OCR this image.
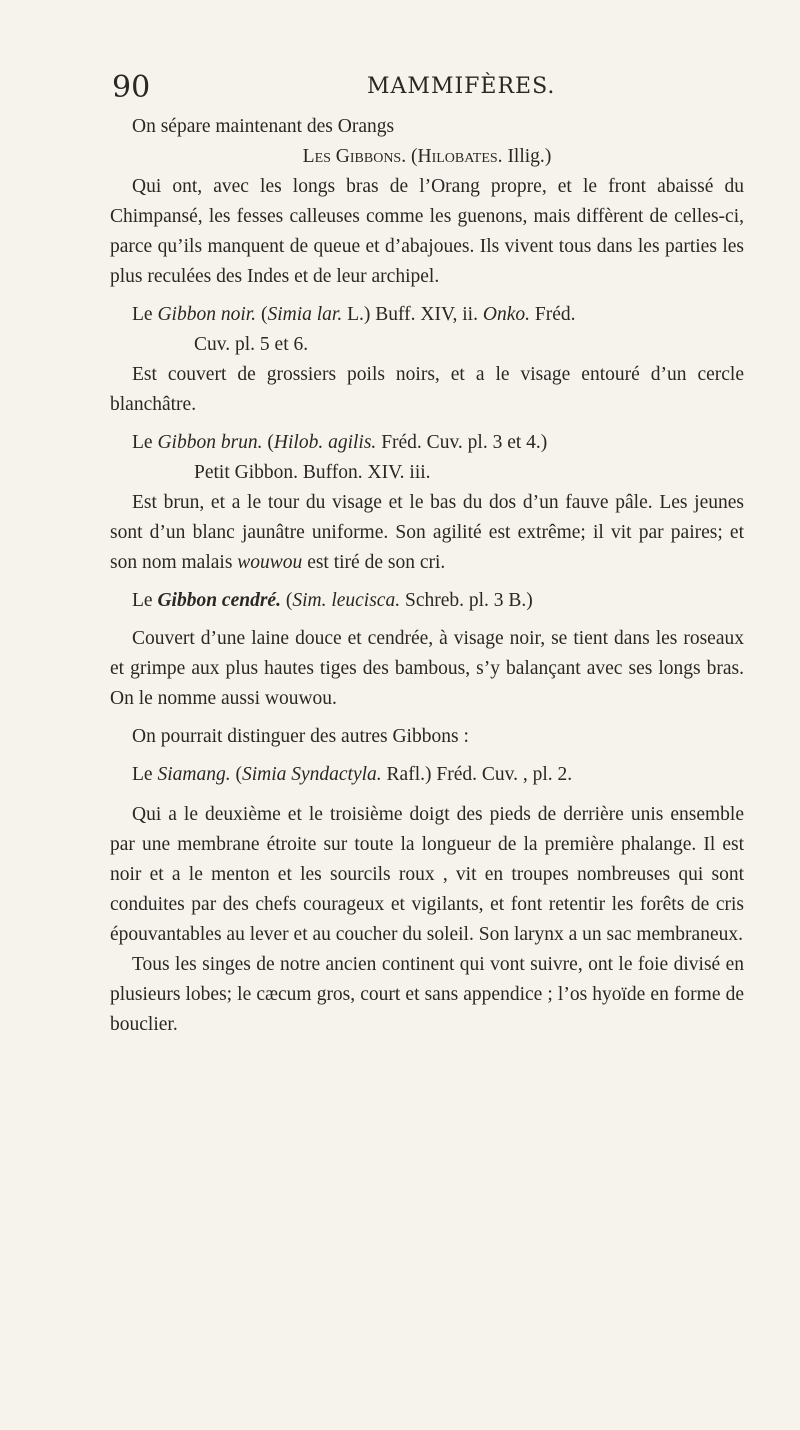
90	MAMMIFÈRES.

On sépare maintenant des Orangs

Les Gibbons. (Hilobates. Illig.)

Qui ont, avec les longs bras de l’Orang propre, et le front abaissé du Chimpansé, les fesses calleuses comme les guenons, mais diffèrent de celles-ci, parce qu’ils manquent de queue et d’abajoues. Ils vivent tous dans les parties les plus reculées des Indes et de leur archipel.

Le Gibbon noir. (Simia lar. L.) Buff. XIV, ii. Onko. Fréd.

Cuv. pl. 5 et 6.

Est couvert de grossiers poils noirs, et a le visage entouré d’un cercle blanchâtre.

Le Gibbon brun. (Hilob. agilis. Fréd. Cuv. pl. 3 et 4.)

Petit Gibbon. Buffon. XIV. iii.

Est brun, et a le tour du visage et le bas du dos d’un fauve pâle. Les jeunes sont d’un blanc jaunâtre uniforme. Son agilité est extrême; il vit par paires; et son nom malais wouwou est tiré de son cri.

Le Gibbon cendré. (Sim. leucisca. Schreb. pl. 3 B.)

Couvert d’une laine douce et cendrée, à visage noir, se tient dans les roseaux et grimpe aux plus hautes tiges des bambous, s’y balançant avec ses longs bras. On le nomme aussi wouwou.

On pourrait distinguer des autres Gibbons :

Le Siamang. (Simia Syndactyla. Rafl.) Fréd. Cuv. , pl. 2.

Qui a le deuxième et le troisième doigt des pieds de derrière unis ensemble par une membrane étroite sur toute la longueur de la première phalange. Il est noir et a le menton et les sourcils roux , vit en troupes nombreuses qui sont conduites par des chefs courageux et vigilants, et font retentir les forêts de cris épouvantables au lever et au coucher du soleil. Son larynx a un sac membraneux.

Tous les singes de notre ancien continent qui vont suivre, ont le foie divisé en plusieurs lobes; le cæcum gros, court et sans appendice ; l’os hyoïde en forme de bouclier.
